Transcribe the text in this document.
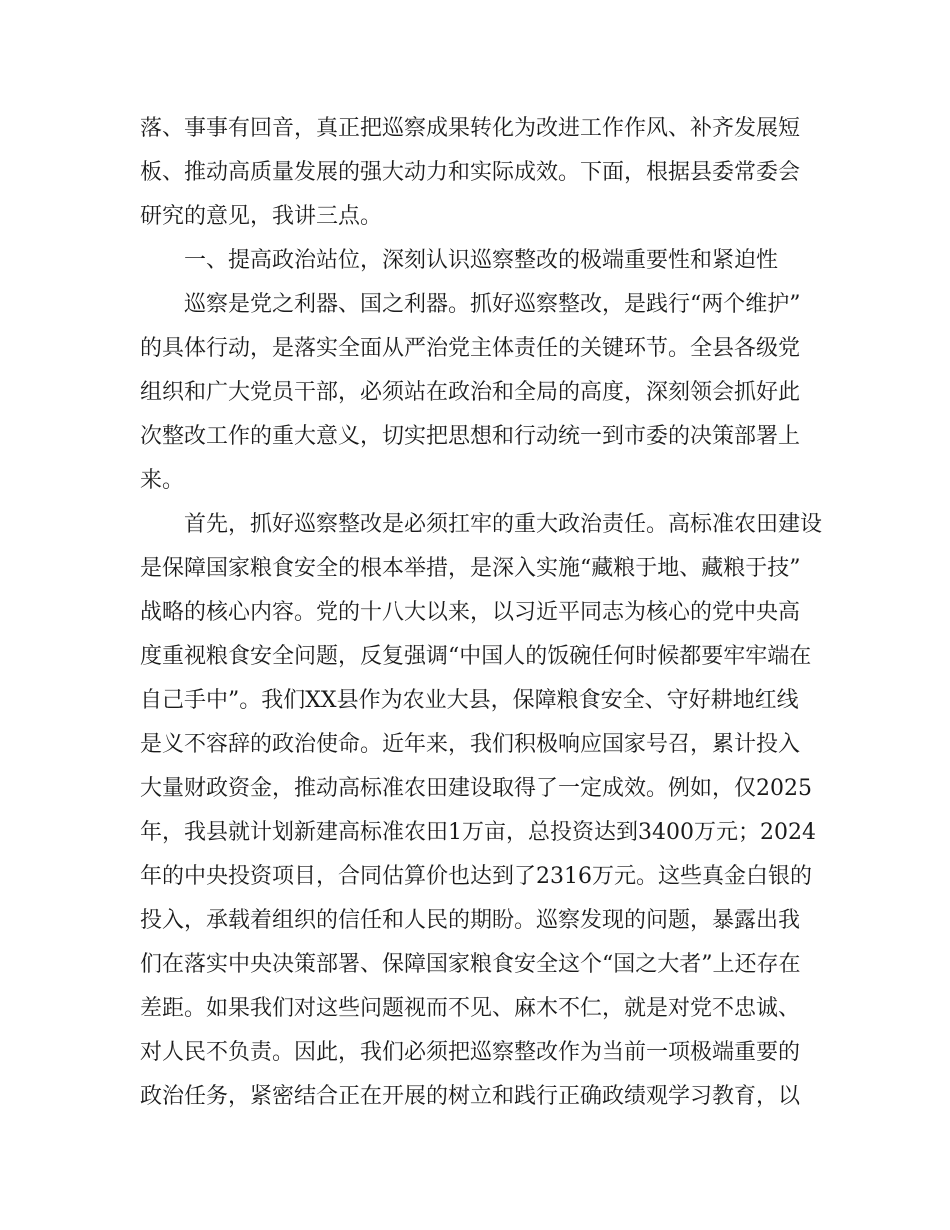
落、事事有回音，真正把巡察成果转化为改进工作作风、补齐发展短
板、推动高质量发展的强大动力和实际成效。下面，根据县委常委会
研究的意见，我讲三点。
一、提高政治站位，深刻认识巡察整改的极端重要性和紧迫性
巡察是党之利器、国之利器。抓好巡察整改，是践行“两个维护”
的具体行动，是落实全面从严治党主体责任的关键环节。全县各级党
组织和广大党员干部，必须站在政治和全局的高度，深刻领会抓好此
次整改工作的重大意义，切实把思想和行动统一到市委的决策部署上
来。
首先，抓好巡察整改是必须扛牢的重大政治责任。高标准农田建设
是保障国家粮食安全的根本举措，是深入实施“藏粮于地、藏粮于技”
战略的核心内容。党的十八大以来，以习近平同志为核心的党中央高
度重视粮食安全问题，反复强调“中国人的饭碗任何时候都要牢牢端在
自己手中”。我们XX县作为农业大县，保障粮食安全、守好耕地红线
是义不容辞的政治使命。近年来，我们积极响应国家号召，累计投入
大量财政资金，推动高标准农田建设取得了一定成效。例如，仅2025
年，我县就计划新建高标准农田1万亩，总投资达到3400万元；2024
年的中央投资项目，合同估算价也达到了2316万元。这些真金白银的
投入，承载着组织的信任和人民的期盼。巡察发现的问题，暴露出我
们在落实中央决策部署、保障国家粮食安全这个“国之大者”上还存在
差距。如果我们对这些问题视而不见、麻木不仁，就是对党不忠诚、
对人民不负责。因此，我们必须把巡察整改作为当前一项极端重要的
政治任务，紧密结合正在开展的树立和践行正确政绩观学习教育，以
